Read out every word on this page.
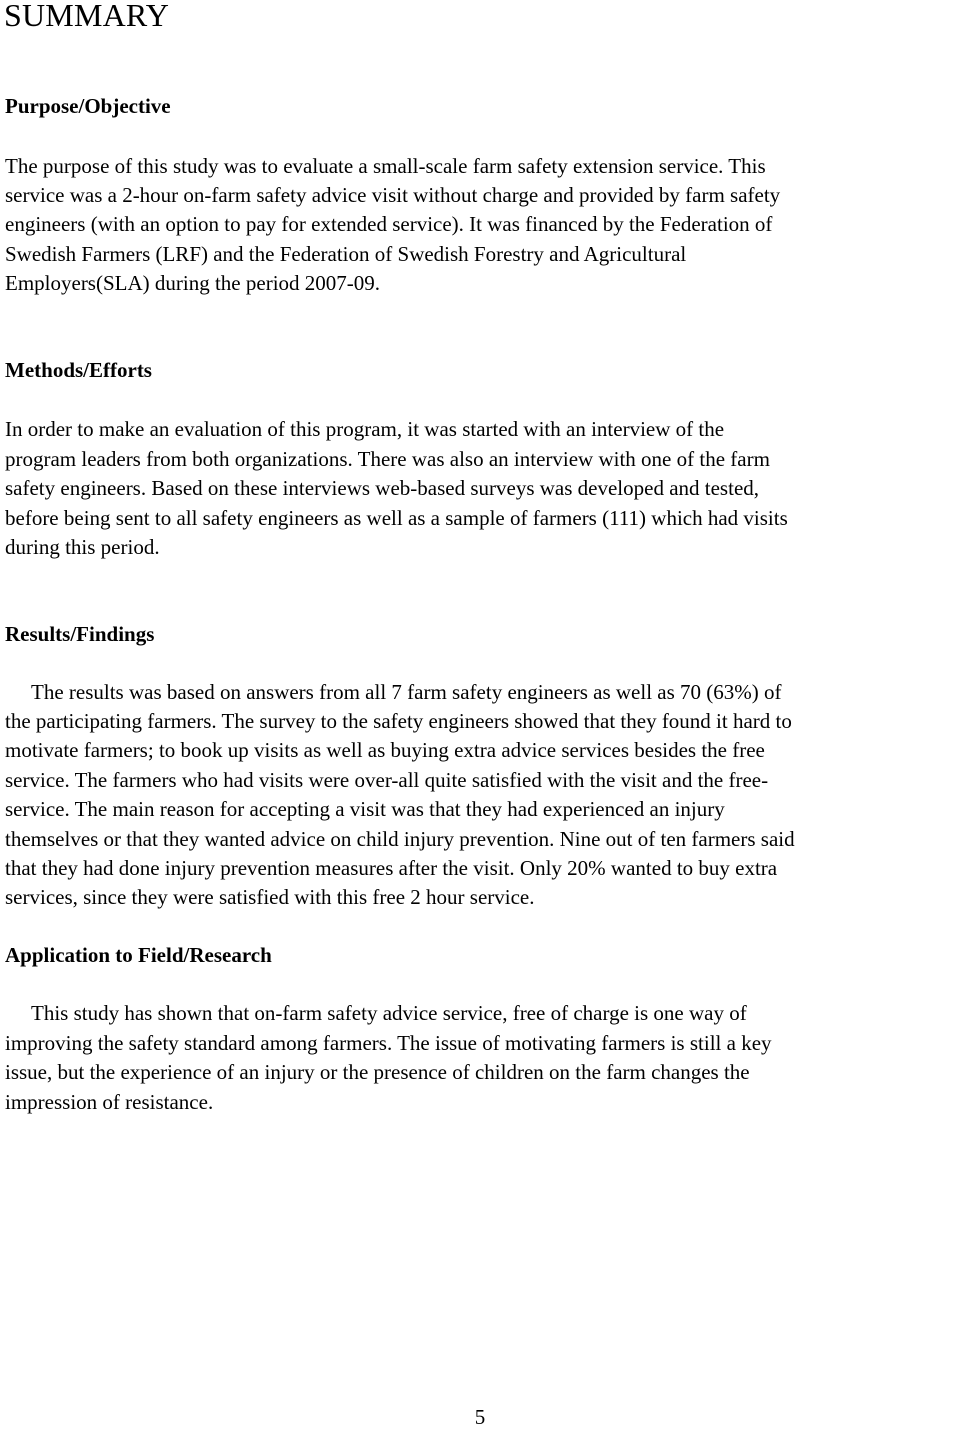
SUMMARY
Purpose/Objective

The purpose of this study was to evaluate a small-scale farm safety extension service. This

service was a 2-hour on-farm safety advice visit without charge and provided by farm safety

engineers (with an option to pay for extended service). It was financed by the Federation of

Swedish Farmers (LRF) and the Federation of Swedish Forestry and Agricultural

Employers(SLA) during the period 2007-09.

Methods/Efforts

In order to make an evaluation of this program, it was started with an interview of the

program leaders from both organizations. There was also an interview with one of the farm

safety engineers. Based on these interviews web-based surveys was developed and tested,

before being sent to all safety engineers as well as a sample of farmers (111) which had visits

during this period.

Results/Findings

The results was based on answers from all 7 farm safety engineers as well as 70 (63%) of

the participating farmers. The survey to the safety engineers showed that they found it hard to

motivate farmers; to book up visits as well as buying extra advice services besides the free

service. The farmers who had visits were over-all quite satisfied with the visit and the free-

service. The main reason for accepting a visit was that they had experienced an injury

themselves or that they wanted advice on child injury prevention. Nine out of ten farmers said

that they had done injury prevention measures after the visit. Only 20% wanted to buy extra

services, since they were satisfied with this free 2 hour service.

Application to Field/Research

This study has shown that on-farm safety advice service, free of charge is one way of

improving the safety standard among farmers. The issue of motivating farmers is still a key

issue, but the experience of an injury or the presence of children on the farm changes the

impression of resistance.

5
